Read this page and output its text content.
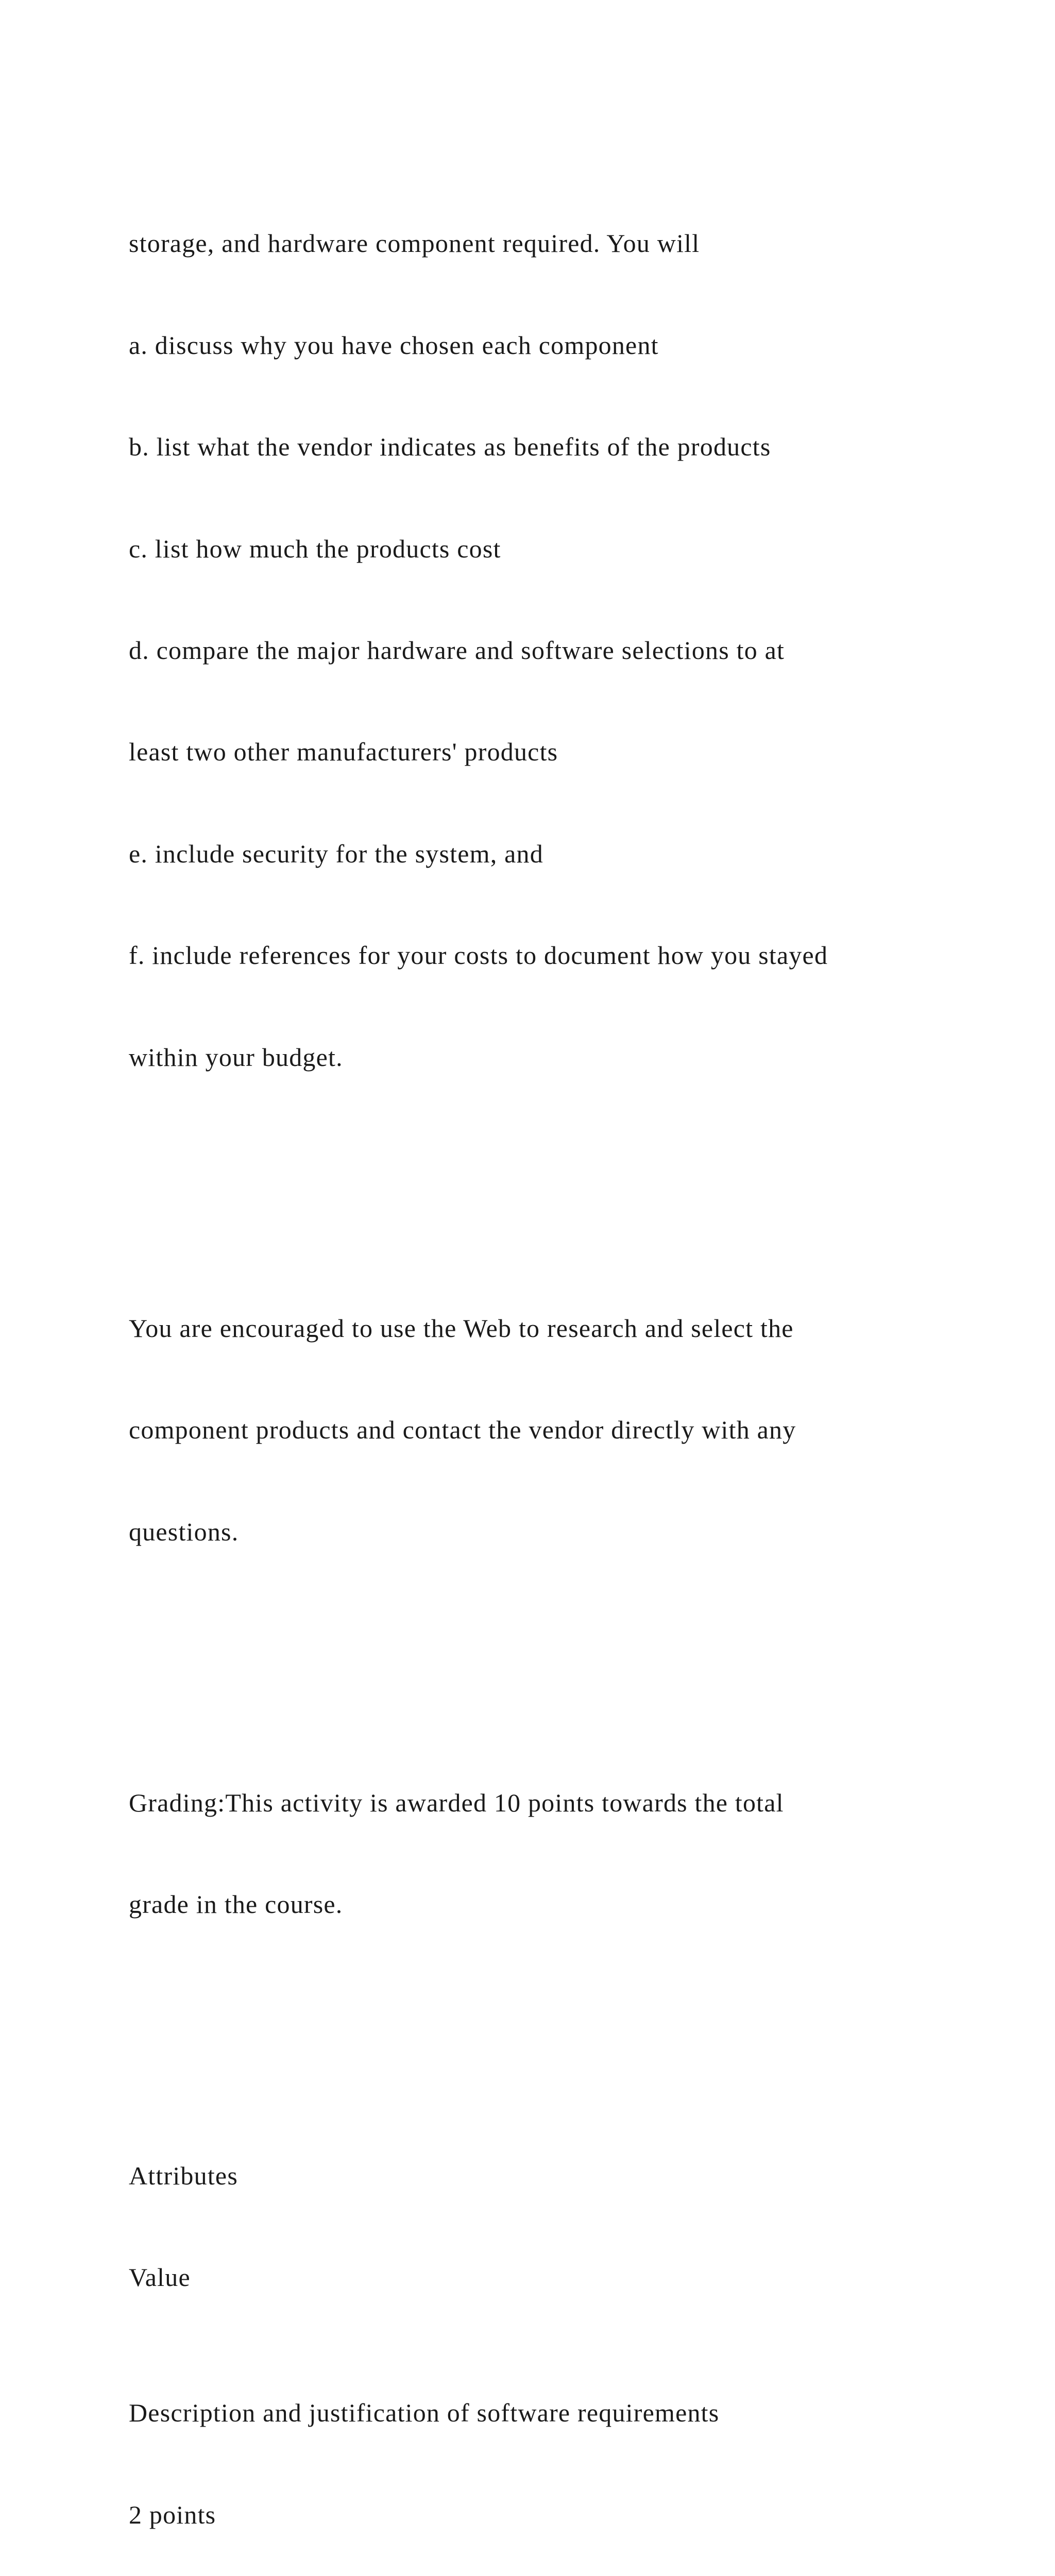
storage, and hardware component required. You will

a. discuss why you have chosen each component

b. list what the vendor indicates as benefits of the products

c. list how much the products cost

d. compare the major hardware and software selections to at

least two other manufacturers' products

e. include security for the system, and

f. include references for your costs to document how you stayed

within your budget.

You are encouraged to use the Web to research and select the

component products and contact the vendor directly with any

questions.

Grading:This activity is awarded 10 points towards the total

grade in the course.

Attributes

Value

Description and justification of software requirements

2 points
